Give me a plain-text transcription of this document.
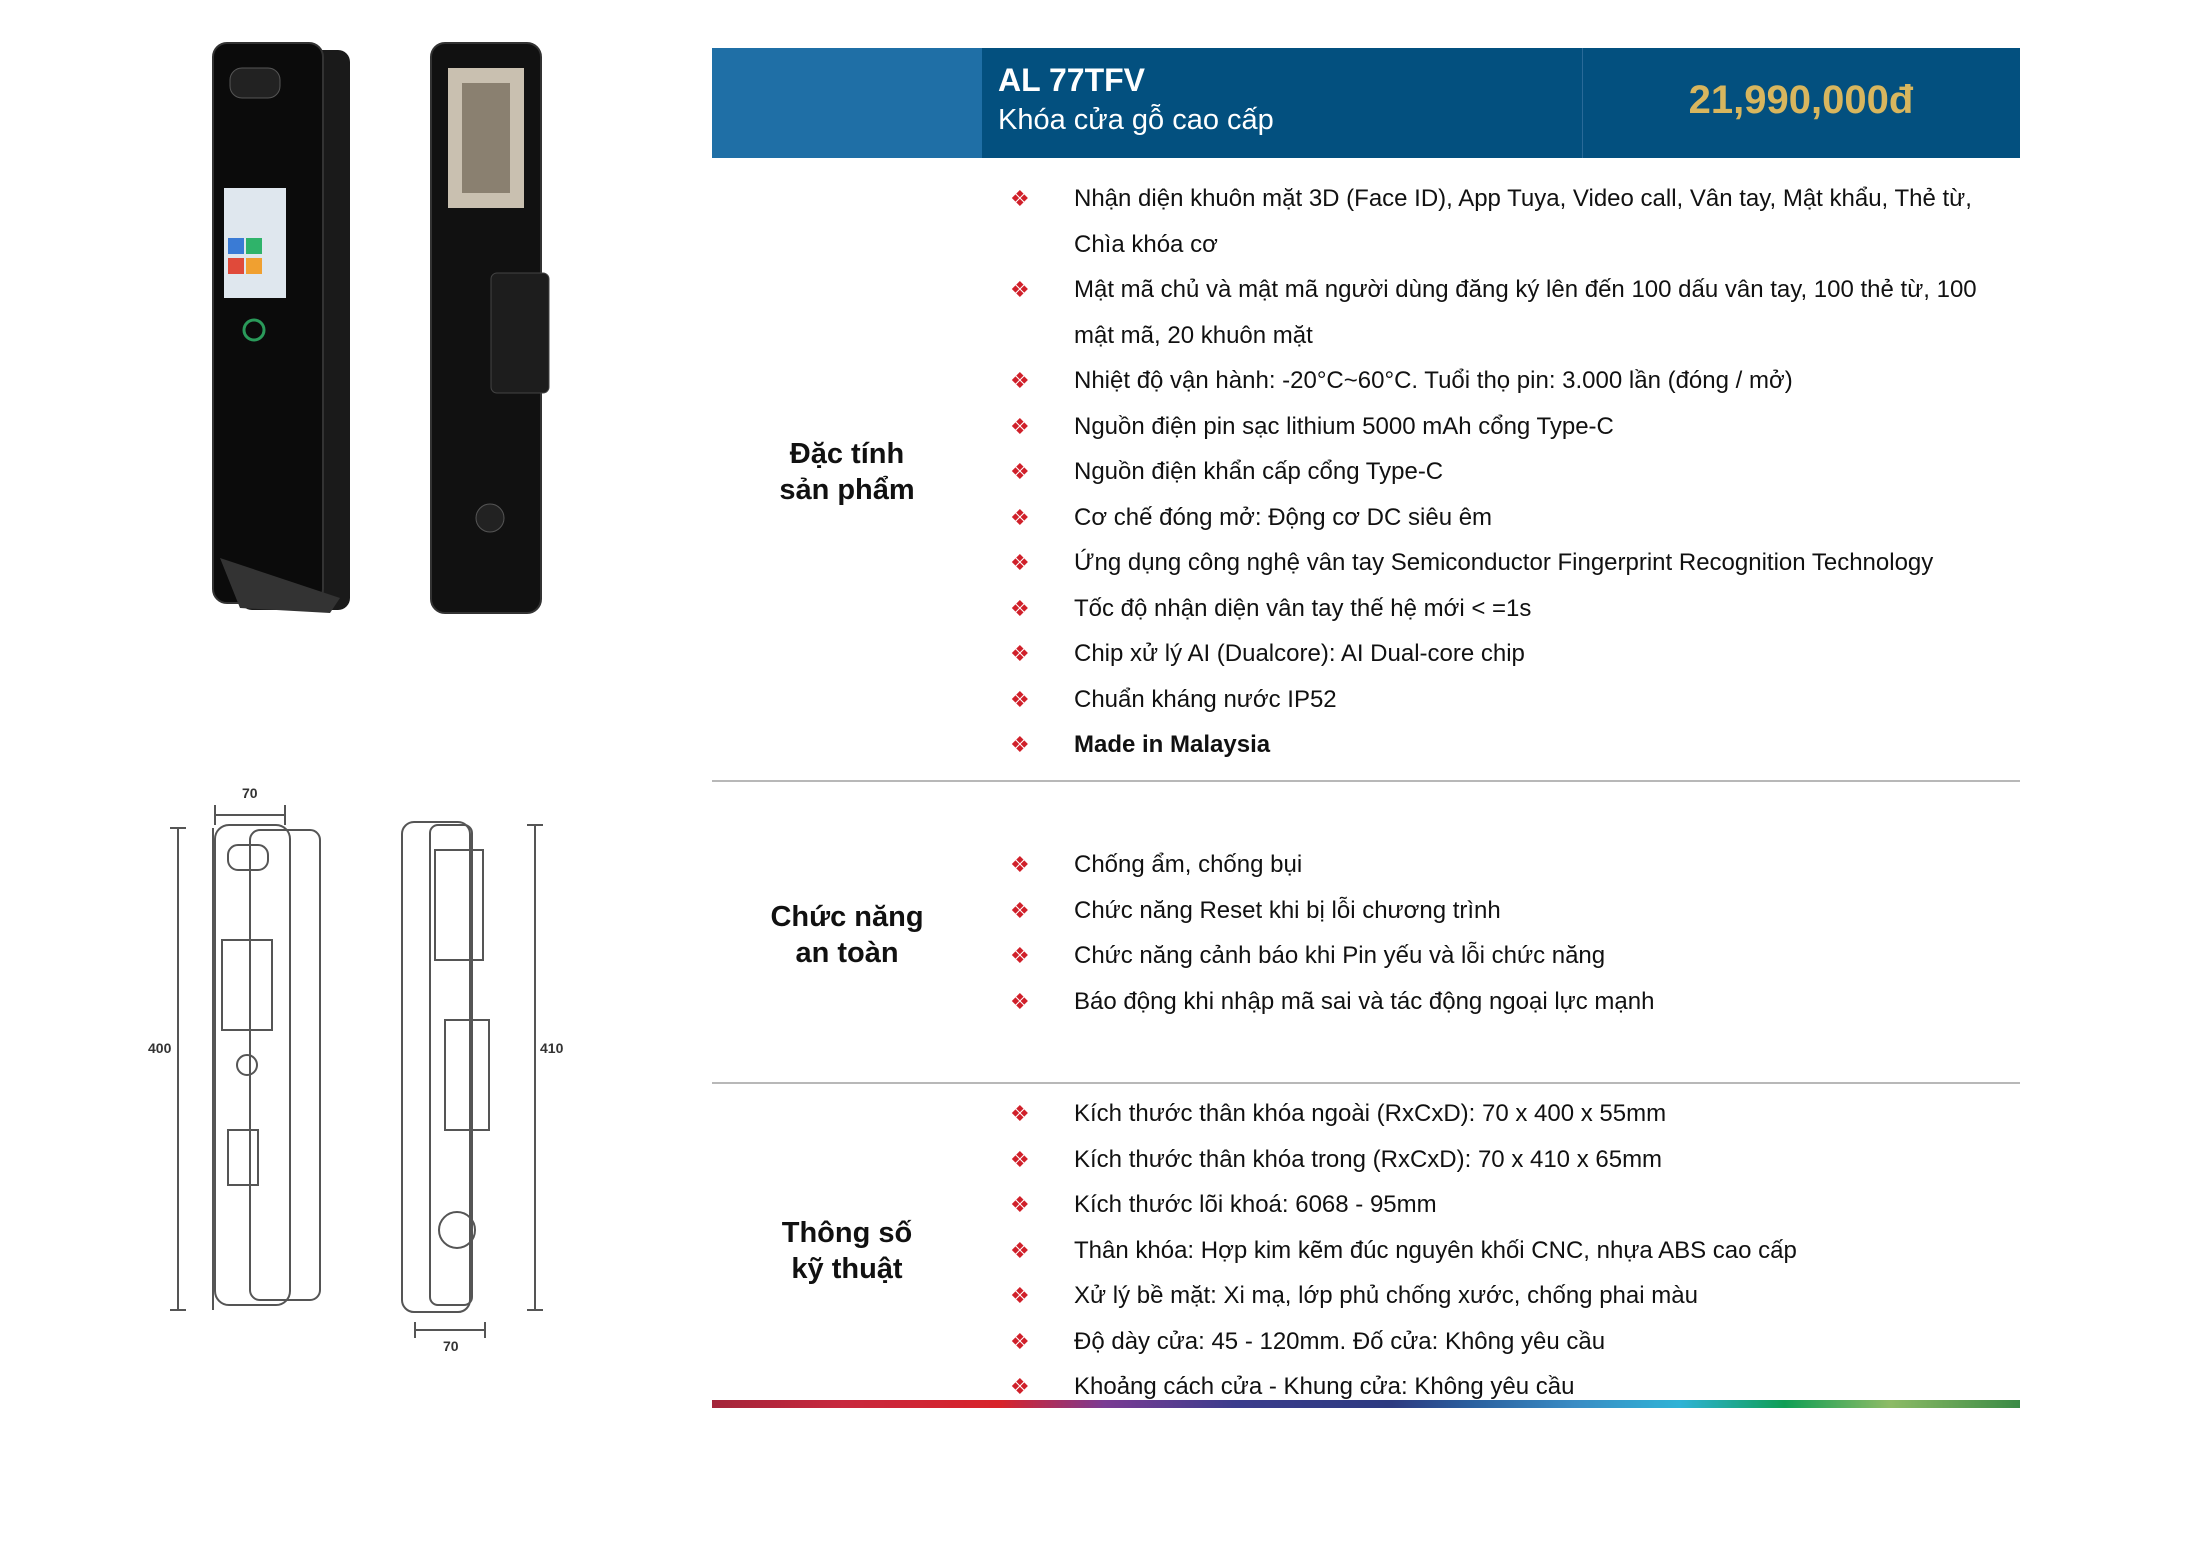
70
400	410
70
AL 77TFV
Khóa cửa gỗ cao cấp	21,990,000đ
Đặc tính
sản phẩm
❖ Nhận diện khuôn mặt 3D (Face ID), App Tuya, Video call, Vân tay, Mật khẩu, Thẻ từ, Chìa khóa cơ
❖ Mật mã chủ và mật mã người dùng đăng ký lên đến 100 dấu vân tay, 100 thẻ từ, 100 mật mã, 20 khuôn mặt
❖ Nhiệt độ vận hành: -20°C~60°C. Tuổi thọ pin: 3.000 lần (đóng / mở)
❖ Nguồn điện pin sạc lithium 5000 mAh cổng Type-C
❖ Nguồn điện khẩn cấp cổng Type-C
❖ Cơ chế đóng mở: Động cơ DC siêu êm
❖ Ứng dụng công nghệ vân tay Semiconductor Fingerprint Recognition Technology
❖ Tốc độ nhận diện vân tay thế hệ mới < =1s
❖ Chip xử lý AI (Dualcore): AI Dual-core chip
❖ Chuẩn kháng nước IP52
❖ Made in Malaysia
Chức năng
an toàn
❖ Chống ẩm, chống bụi
❖ Chức năng Reset khi bị lỗi chương trình
❖ Chức năng cảnh báo khi Pin yếu và lỗi chức năng
❖ Báo động khi nhập mã sai và tác động ngoại lực mạnh
Thông số
kỹ thuật
❖ Kích thước thân khóa ngoài (RxCxD): 70 x 400 x 55mm
❖ Kích thước thân khóa trong (RxCxD): 70 x 410 x 65mm
❖ Kích thước lõi khoá: 6068 - 95mm
❖ Thân khóa: Hợp kim kẽm đúc nguyên khối CNC, nhựa ABS cao cấp
❖ Xử lý bề mặt: Xi mạ, lớp phủ chống xước, chống phai màu
❖ Độ dày cửa: 45 - 120mm. Đố cửa: Không yêu cầu
❖ Khoảng cách cửa - Khung cửa: Không yêu cầu
